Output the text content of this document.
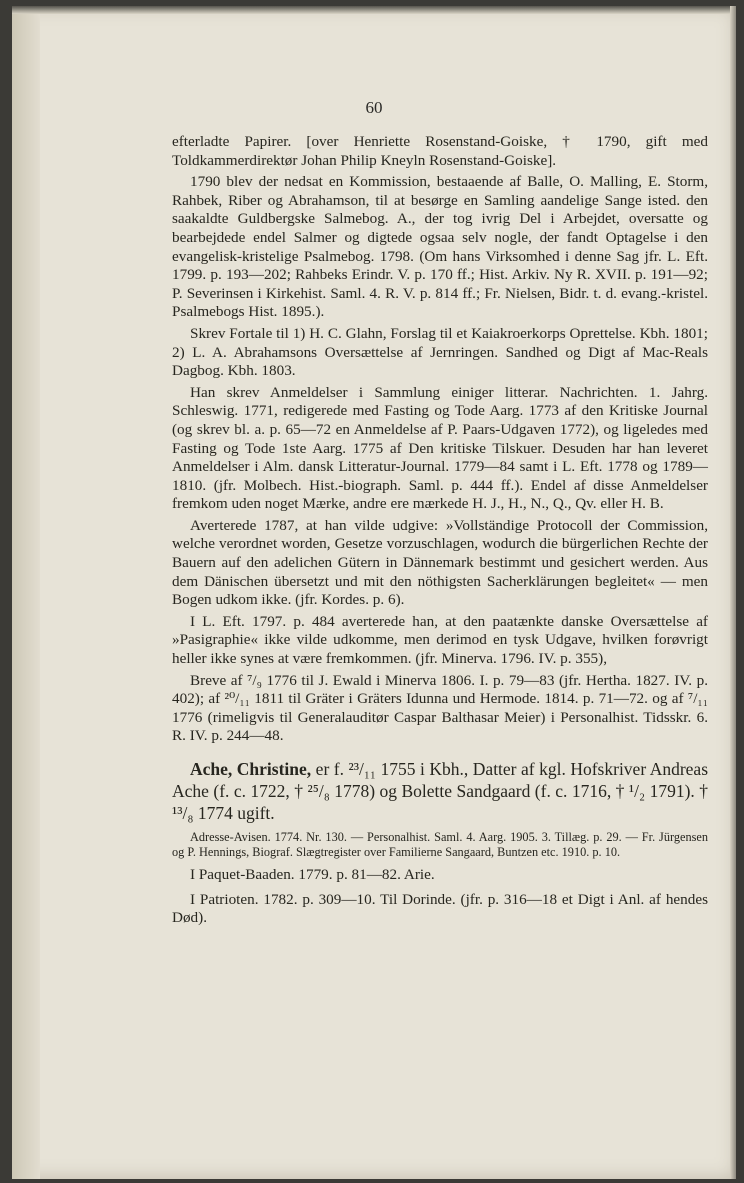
60

efterladte Papirer. [over Henriette Rosenstand-Goiske, † 1790, gift med Toldkammerdirektør Johan Philip Kneyln Rosenstand-Goiske].

1790 blev der nedsat en Kommission, bestaaende af Balle, O. Malling, E. Storm, Rahbek, Riber og Abrahamson, til at besørge en Samling aandelige Sange isted. den saakaldte Guldbergske Salmebog. A., der tog ivrig Del i Arbejdet, oversatte og bearbejdede endel Salmer og digtede ogsaa selv nogle, der fandt Optagelse i den evangelisk-kristelige Psalmebog. 1798. (Om hans Virksomhed i denne Sag jfr. L. Eft. 1799. p. 193—202; Rahbeks Erindr. V. p. 170 ff.; Hist. Arkiv. Ny R. XVII. p. 191—92; P. Severinsen i Kirkehist. Saml. 4. R. V. p. 814 ff.; Fr. Nielsen, Bidr. t. d. evang.-kristel. Psalmebogs Hist. 1895.).

Skrev Fortale til 1) H. C. Glahn, Forslag til et Kaiakroerkorps Oprettelse. Kbh. 1801; 2) L. A. Abrahamsons Oversættelse af Jernringen. Sandhed og Digt af Mac-Reals Dagbog. Kbh. 1803.

Han skrev Anmeldelser i Sammlung einiger litterar. Nachrichten. 1. Jahrg. Schleswig. 1771, redigerede med Fasting og Tode Aarg. 1773 af den Kritiske Journal (og skrev bl. a. p. 65—72 en Anmeldelse af P. Paars-Udgaven 1772), og ligeledes med Fasting og Tode 1ste Aarg. 1775 af Den kritiske Tilskuer. Desuden har han leveret Anmeldelser i Alm. dansk Litteratur-Journal. 1779—84 samt i L. Eft. 1778 og 1789—1810. (jfr. Molbech. Hist.-biograph. Saml. p. 444 ff.). Endel af disse Anmeldelser fremkom uden noget Mærke, andre ere mærkede H. J., H., N., Q., Qv. eller H. B.

Averterede 1787, at han vilde udgive: »Vollständige Protocoll der Commission, welche verordnet worden, Gesetze vorzuschlagen, wodurch die bürgerlichen Rechte der Bauern auf den adelichen Gütern in Dännemark bestimmt und gesichert werden. Aus dem Dänischen übersetzt und mit den nöthigsten Sacherklärungen begleitet« — men Bogen udkom ikke. (jfr. Kordes. p. 6).

I L. Eft. 1797. p. 484 averterede han, at den paatænkte danske Oversættelse af »Pasigraphie« ikke vilde udkomme, men derimod en tysk Udgave, hvilken forøvrigt heller ikke synes at være fremkommen. (jfr. Minerva. 1796. IV. p. 355),

Breve af ⁷/₉ 1776 til J. Ewald i Minerva 1806. I. p. 79—83 (jfr. Hertha. 1827. IV. p. 402); af ²⁰/₁₁ 1811 til Gräter i Gräters Idunna und Hermode. 1814. p. 71—72. og af ⁷/₁₁ 1776 (rimeligvis til Generalauditør Caspar Balthasar Meier) i Personalhist. Tidsskr. 6. R. IV. p. 244—48.

Ache, Christine, er f. ²³/₁₁ 1755 i Kbh., Datter af kgl. Hofskriver Andreas Ache (f. c. 1722, † ²⁵/₈ 1778) og Bolette Sandgaard (f. c. 1716, † ¹/₂ 1791). † ¹³/₈ 1774 ugift.

Adresse-Avisen. 1774. Nr. 130. — Personalhist. Saml. 4. Aarg. 1905. 3. Tillæg. p. 29. — Fr. Jürgensen og P. Hennings, Biograf. Slægtregister over Familierne Sangaard, Buntzen etc. 1910. p. 10.

I Paquet-Baaden. 1779. p. 81—82. Arie.

I Patrioten. 1782. p. 309—10. Til Dorinde. (jfr. p. 316—18 et Digt i Anl. af hendes Død).
